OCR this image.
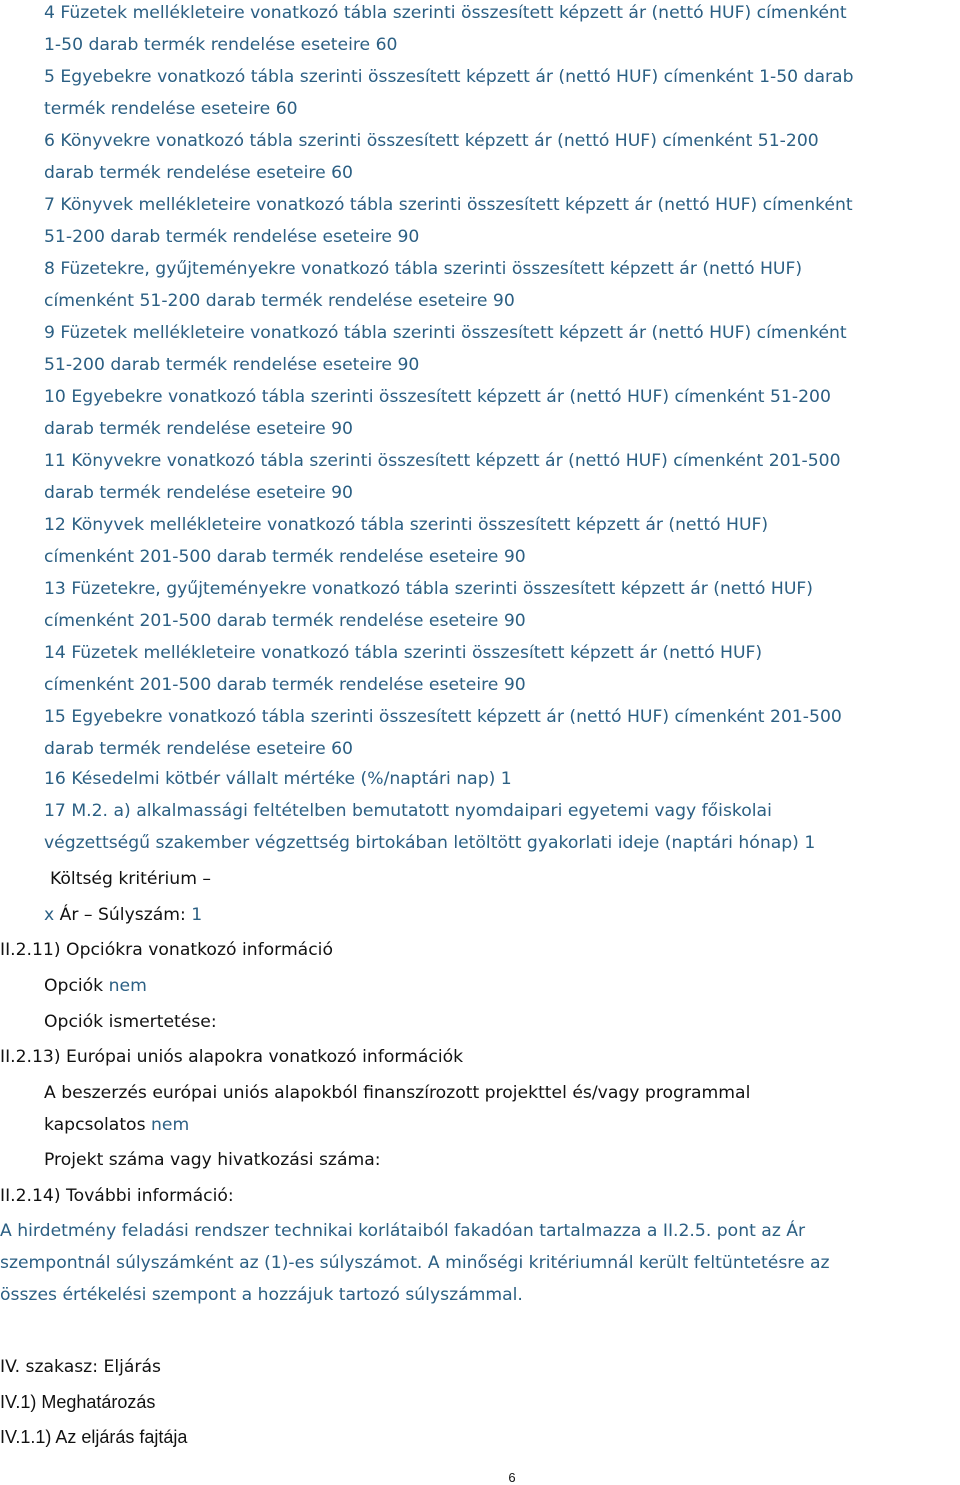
4 Füzetek mellékleteire vonatkozó tábla szerinti összesített képzett ár (nettó HUF) címenként

1-50 darab termék rendelése eseteire 60

5 Egyebekre vonatkozó tábla szerinti összesített képzett ár (nettó HUF) címenként 1-50 darab

termék rendelése eseteire 60

6 Könyvekre vonatkozó tábla szerinti összesített képzett ár (nettó HUF) címenként 51-200

darab termék rendelése eseteire 60

7 Könyvek mellékleteire vonatkozó tábla szerinti összesített képzett ár (nettó HUF) címenként

51-200 darab termék rendelése eseteire 90

8 Füzetekre, gyűjteményekre vonatkozó tábla szerinti összesített képzett ár (nettó HUF)

címenként 51-200 darab termék rendelése eseteire 90

9 Füzetek mellékleteire vonatkozó tábla szerinti összesített képzett ár (nettó HUF) címenként

51-200 darab termék rendelése eseteire 90

10 Egyebekre vonatkozó tábla szerinti összesített képzett ár (nettó HUF) címenként 51-200

darab termék rendelése eseteire 90

11 Könyvekre vonatkozó tábla szerinti összesített képzett ár (nettó HUF) címenként 201-500

darab termék rendelése eseteire 90

12 Könyvek mellékleteire vonatkozó tábla szerinti összesített képzett ár (nettó HUF)

címenként 201-500 darab termék rendelése eseteire 90

13 Füzetekre, gyűjteményekre vonatkozó tábla szerinti összesített képzett ár (nettó HUF)

címenként 201-500 darab termék rendelése eseteire 90

14 Füzetek mellékleteire vonatkozó tábla szerinti összesített képzett ár (nettó HUF)

címenként 201-500 darab termék rendelése eseteire 90

15 Egyebekre vonatkozó tábla szerinti összesített képzett ár (nettó HUF) címenként 201-500

darab termék rendelése eseteire 60

16 Késedelmi kötbér vállalt mértéke (%/naptári nap) 1

17 M.2. a) alkalmassági feltételben bemutatott nyomdaipari egyetemi vagy főiskolai

végzettségű szakember végzettség birtokában letöltött gyakorlati ideje (naptári hónap) 1

Költség kritérium –

x Ár – Súlyszám: 1

II.2.11) Opciókra vonatkozó információ

Opciók nem

Opciók ismertetése:

II.2.13) Európai uniós alapokra vonatkozó információk

A beszerzés európai uniós alapokból finanszírozott projekttel és/vagy programmal

kapcsolatos nem

Projekt száma vagy hivatkozási száma:

II.2.14) További információ:

A hirdetmény feladási rendszer technikai korlátaiból fakadóan tartalmazza a II.2.5. pont az Ár

szempontnál súlyszámként az (1)-es súlyszámot. A minőségi kritériumnál került feltüntetésre az

összes értékelési szempont a hozzájuk tartozó súlyszámmal.

IV. szakasz: Eljárás

IV.1) Meghatározás

IV.1.1) Az eljárás fajtája

6
